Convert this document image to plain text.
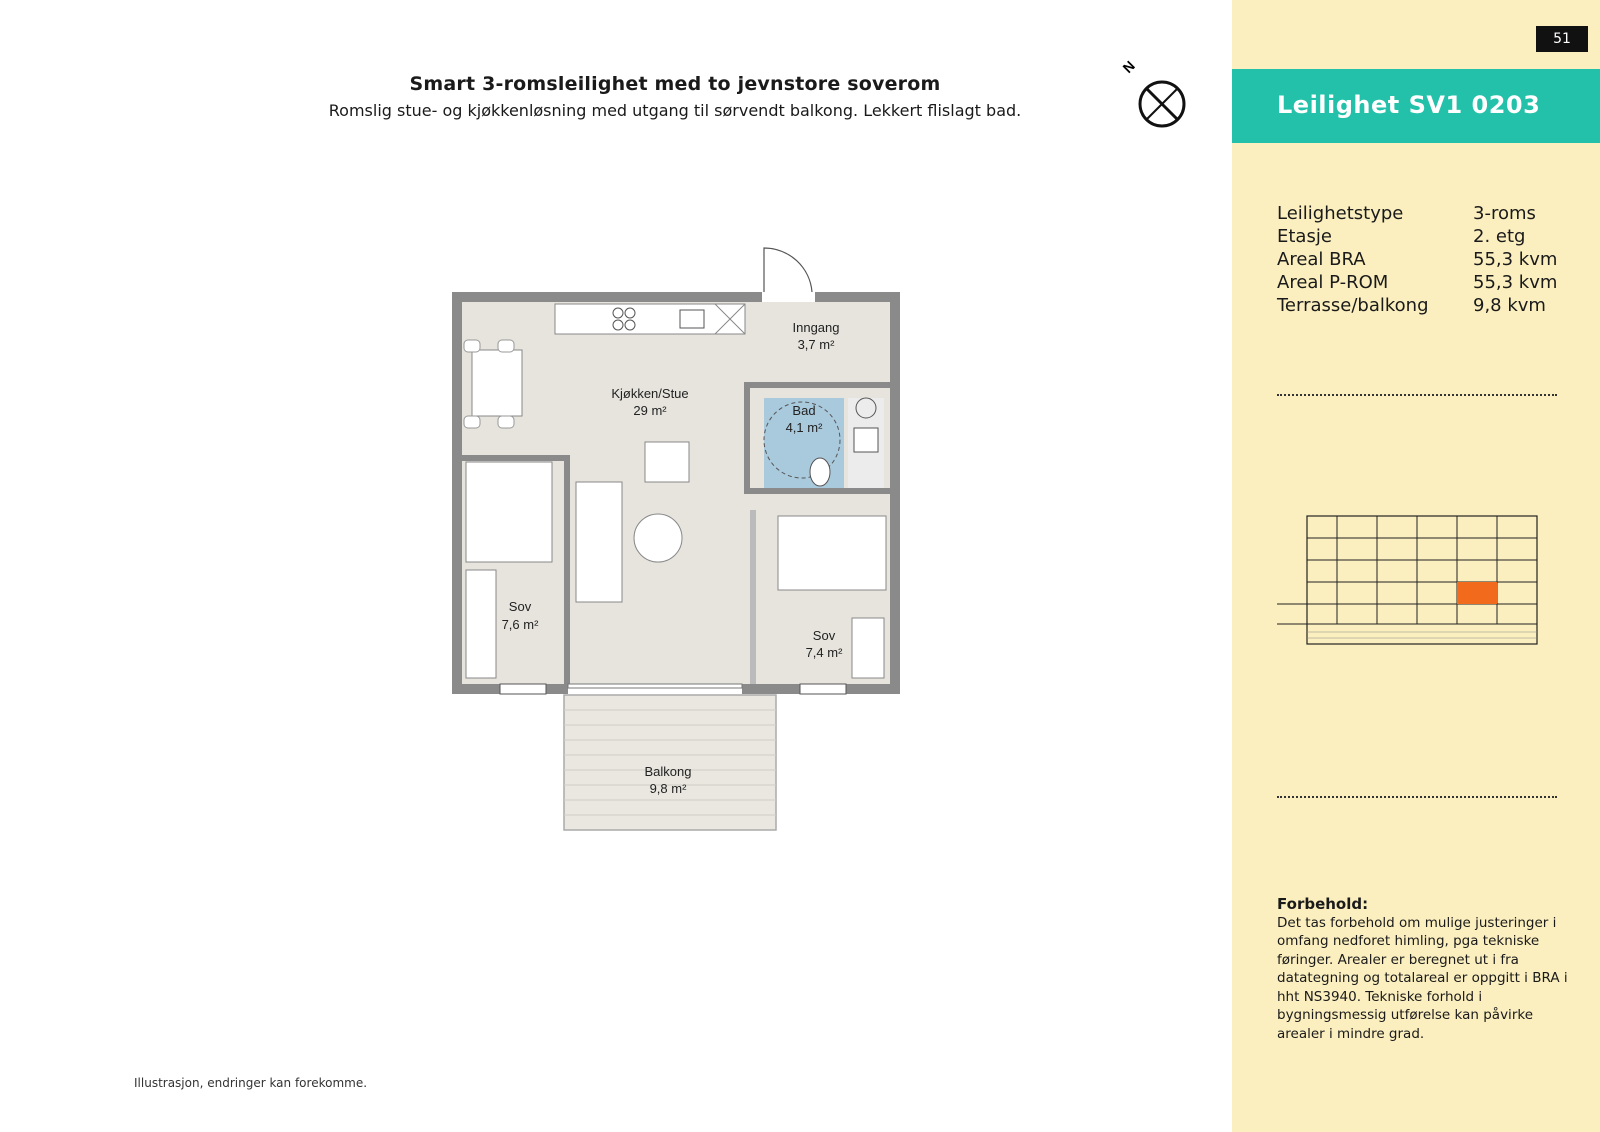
Smart 3-romsleilighet med to jevnstore soverom
Romslig stue- og kjøkkenløsning med utgang til sørvendt balkong. Lekkert flislagt bad.
N
Kjøkken/Stue
29 m²
Inngang
3,7 m²
Bad
4,1 m²
Sov
7,6 m²
Sov
7,4 m²
Balkong
9,8 m²
Illustrasjon, endringer kan forekomme.
51
Leilighet SV1 0203
Leilighetstype	3-roms
Etasje	2. etg
Areal BRA	55,3 kvm
Areal P-ROM	55,3 kvm
Terrasse/balkong	9,8 kvm
Forbehold:
Det tas forbehold om mulige justeringer i omfang nedforet himling, pga tekniske føringer. Arealer er beregnet ut i fra datategning og totalareal er oppgitt i BRA i hht NS3940. Tekniske forhold i bygningsmessig utførelse kan påvirke arealer i mindre grad.
